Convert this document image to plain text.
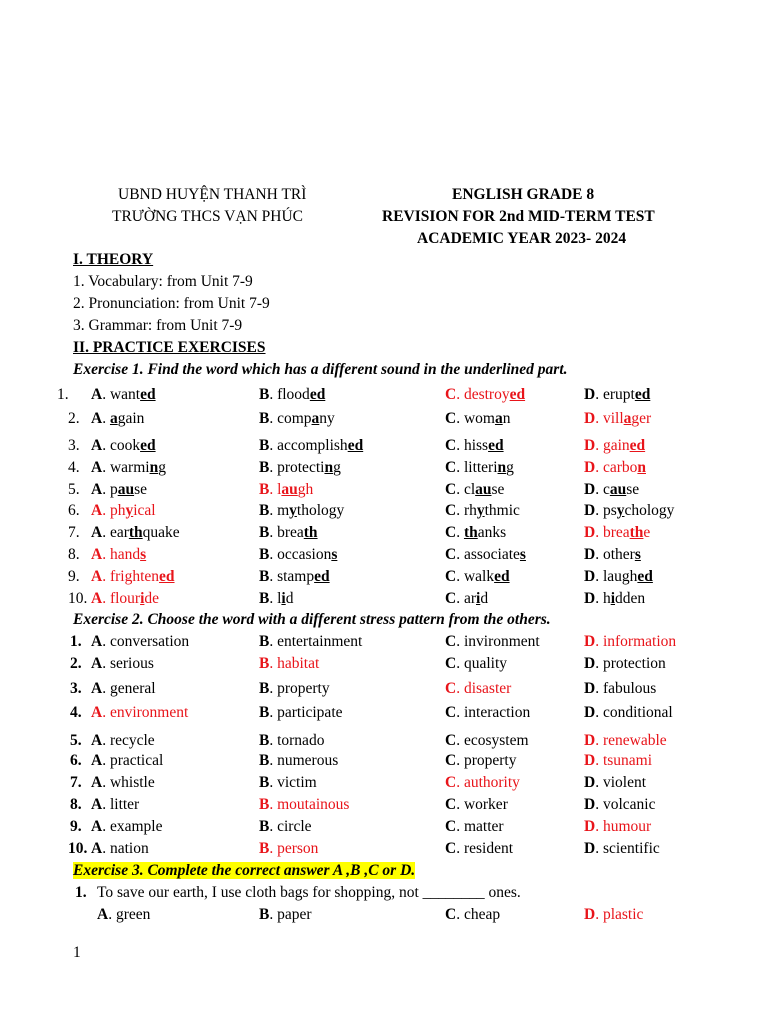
UBND HUYỆN THANH TRÌ
TRƯỜNG THCS VẠN PHÚC
ENGLISH GRADE 8
REVISION FOR 2nd MID-TERM TEST
ACADEMIC YEAR 2023- 2024
I. THEORY
1. Vocabulary: from Unit 7-9
2. Pronunciation: from Unit 7-9
3. Grammar: from Unit 7-9
II. PRACTICE EXERCISES
Exercise 1. Find the word which has a different sound in the underlined part.
1. A. wanted	B. flooded	C. destroyed	D. erupted
2. A. again	B. company	C. woman	D. villager
3. A. cooked	B. accomplished	C. hissed	D. gained
4. A. warming	B. protecting	C. littering	D. carbon
5. A. pause	B. laugh	C. clause	D. cause
6. A. phyical	B. mythology	C. rhythmic	D. psychology
7. A. earthquake	B. breath	C. thanks	D. breathe
8. A. hands	B. occasions	C. associates	D. others
9. A. frightened	B. stamped	C. walked	D. laughed
10. A. flouride	B. lid	C. arid	D. hidden
Exercise 2. Choose the word with a different stress pattern from the others.
1. A. conversation	B. entertainment	C. invironment	D. information
2. A. serious	B. habitat	C. quality	D. protection
3. A. general	B. property	C. disaster	D. fabulous
4. A. environment	B. participate	C. interaction	D. conditional
5. A. recycle	B. tornado	C. ecosystem	D. renewable
6. A. practical	B. numerous	C. property	D. tsunami
7. A. whistle	B. victim	C. authority	D. violent
8. A. litter	B. moutainous	C. worker	D. volcanic
9. A. example	B. circle	C. matter	D. humour
10. A. nation	B. person	C. resident	D. scientific
Exercise 3. Complete the correct answer A ,B ,C or D.
1. To save our earth, I use cloth bags for shopping, not ________ ones.
A. green	B. paper	C. cheap	D. plastic
1
